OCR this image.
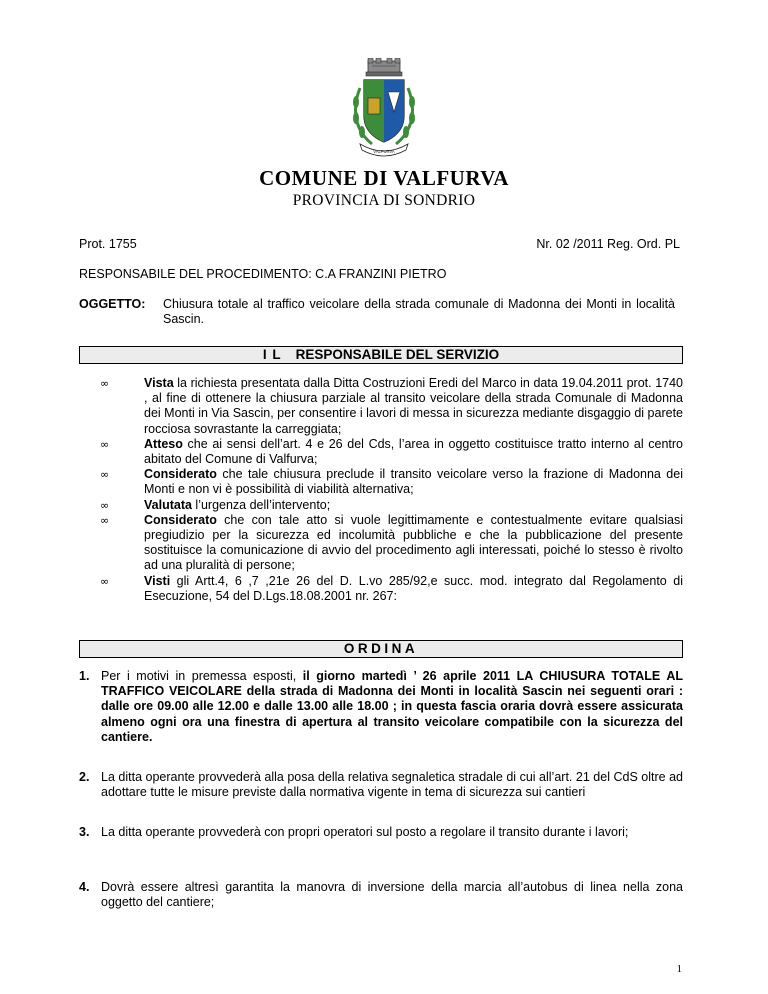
VALFURVA
COMUNE DI VALFURVA
PROVINCIA DI SONDRIO
Prot. 1755	Nr. 02 /2011 Reg. Ord. PL
RESPONSABILE DEL PROCEDIMENTO: C.A FRANZINI PIETRO
OGGETTO: Chiusura totale al traffico veicolare della strada comunale di Madonna dei Monti in località Sascin.
I L RESPONSABILE DEL SERVIZIO
∞	Vista la richiesta presentata dalla Ditta Costruzioni Eredi del Marco in data 19.04.2011 prot. 1740 , al fine di ottenere la chiusura parziale al transito veicolare della strada Comunale di Madonna dei Monti in Via Sascin, per consentire i lavori di messa in sicurezza mediante disgaggio di parete rocciosa sovrastante la carreggiata;
∞	Atteso che ai sensi dell’art. 4 e 26 del Cds, l’area in oggetto costituisce tratto interno al centro abitato del Comune di Valfurva;
∞	Considerato che tale chiusura preclude il transito veicolare verso la frazione di Madonna dei Monti e non vi è possibilità di viabilità alternativa;
∞	Valutata l’urgenza dell’intervento;
∞	Considerato che con tale atto si vuole legittimamente e contestualmente evitare qualsiasi pregiudizio per la sicurezza ed incolumità pubbliche e che la pubblicazione del presente sostituisce la comunicazione di avvio del procedimento agli interessati, poiché lo stesso è rivolto ad una pluralità di persone;
∞	Visti gli Artt.4, 6 ,7 ,21e 26 del D. L.vo 285/92,e succ. mod. integrato dal Regolamento di Esecuzione, 54 del D.Lgs.18.08.2001 nr. 267:
ORDINA
1. Per i motivi in premessa esposti, il giorno martedì ’ 26 aprile 2011 LA CHIUSURA TOTALE AL TRAFFICO VEICOLARE della strada di Madonna dei Monti in località Sascin nei seguenti orari : dalle ore 09.00 alle 12.00 e dalle 13.00 alle 18.00 ; in questa fascia oraria dovrà essere assicurata almeno ogni ora una finestra di apertura al transito veicolare compatibile con la sicurezza del cantiere.
2. La ditta operante provvederà alla posa della relativa segnaletica stradale di cui all’art. 21 del CdS oltre ad adottare tutte le misure previste dalla normativa vigente in tema di sicurezza sui cantieri
3. La ditta operante provvederà con propri operatori sul posto a regolare il transito durante i lavori;
4. Dovrà essere altresì garantita la manovra di inversione della marcia all’autobus di linea nella zona oggetto del cantiere;
1
